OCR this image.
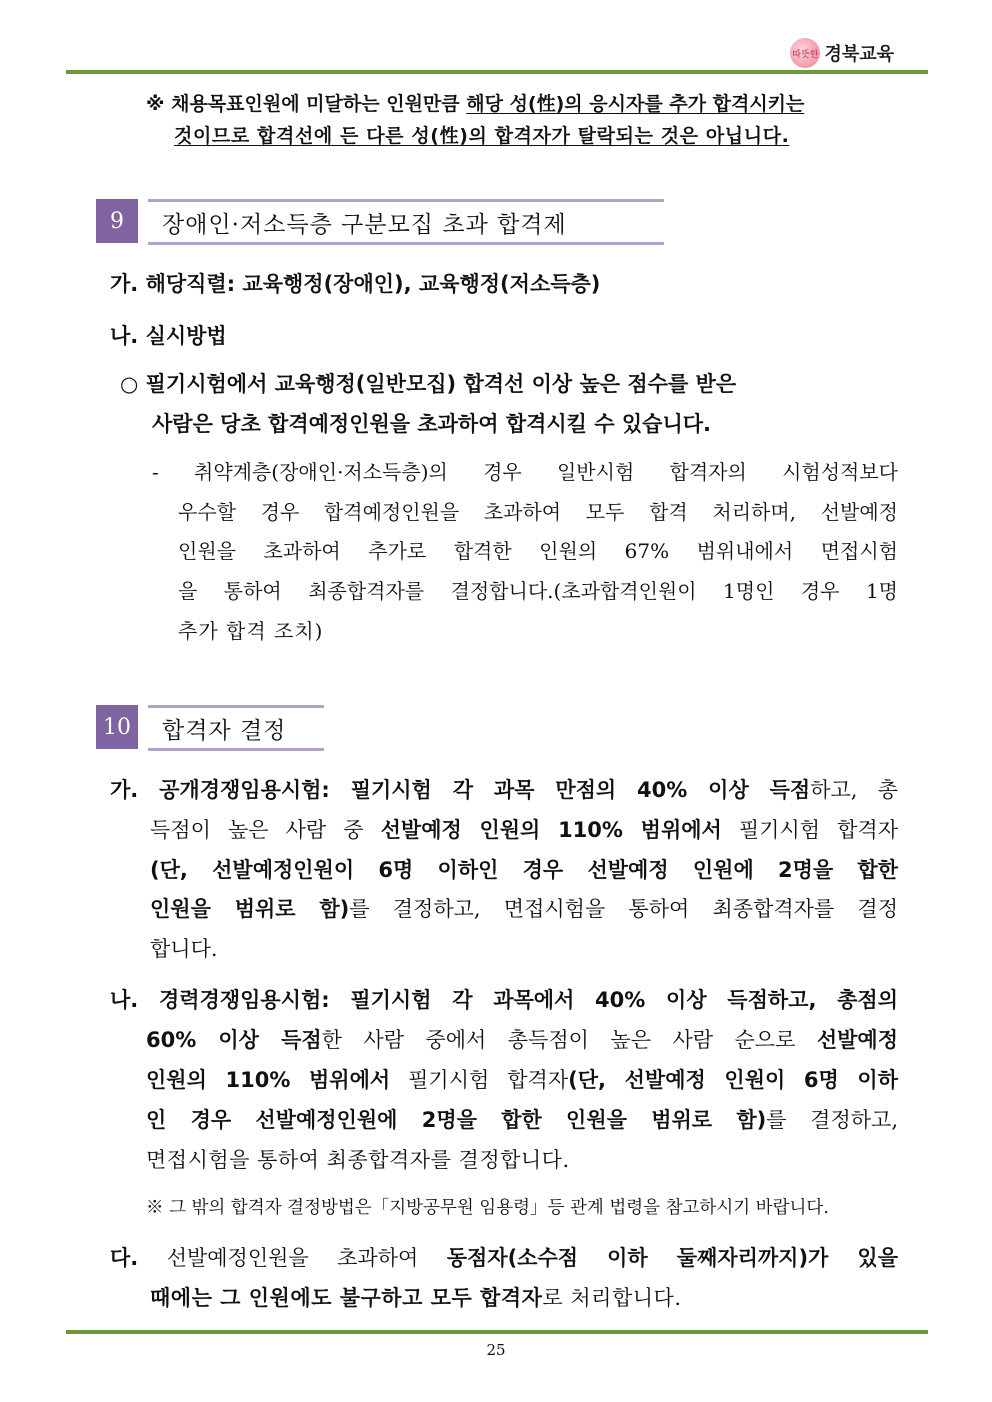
따뜻한 경북교육
※ 채용목표인원에 미달하는 인원만큼 해당 성(性)의 응시자를 추가 합격시키는
것이므로 합격선에 든 다른 성(性)의 합격자가 탈락되는 것은 아닙니다.
9	장애인·저소득층 구분모집 초과 합격제
가. 해당직렬: 교육행정(장애인), 교육행정(저소득층)
나. 실시방법
○ 필기시험에서 교육행정(일반모집) 합격선 이상 높은 점수를 받은
사람은 당초 합격예정인원을 초과하여 합격시킬 수 있습니다.
- 취약계층(장애인·저소득층)의 경우 일반시험 합격자의 시험성적보다
우수할 경우 합격예정인원을 초과하여 모두 합격 처리하며, 선발예정
인원을 초과하여 추가로 합격한 인원의 67% 범위내에서 면접시험
을 통하여 최종합격자를 결정합니다.(초과합격인원이 1명인 경우 1명
추가 합격 조치)
10	합격자 결정
가. 공개경쟁임용시험: 필기시험 각 과목 만점의 40% 이상 득점하고, 총
득점이 높은 사람 중 선발예정 인원의 110% 범위에서 필기시험 합격자
(단, 선발예정인원이 6명 이하인 경우 선발예정 인원에 2명을 합한
인원을 범위로 함)를 결정하고, 면접시험을 통하여 최종합격자를 결정
합니다.
나. 경력경쟁임용시험: 필기시험 각 과목에서 40% 이상 득점하고, 총점의
60% 이상 득점한 사람 중에서 총득점이 높은 사람 순으로 선발예정
인원의 110% 범위에서 필기시험 합격자(단, 선발예정 인원이 6명 이하
인 경우 선발예정인원에 2명을 합한 인원을 범위로 함)를 결정하고,
면접시험을 통하여 최종합격자를 결정합니다.
※ 그 밖의 합격자 결정방법은「지방공무원 임용령」등 관계 법령을 참고하시기 바랍니다.
다. 선발예정인원을 초과하여 동점자(소수점 이하 둘째자리까지)가 있을
때에는 그 인원에도 불구하고 모두 합격자로 처리합니다.
25
